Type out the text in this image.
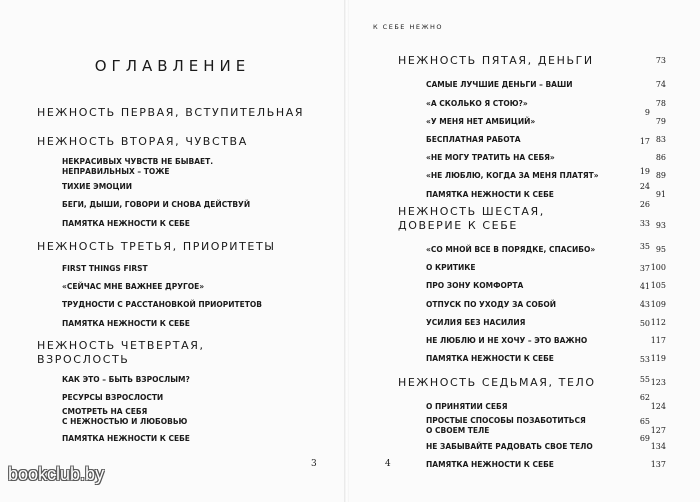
ОГЛАВЛЕНИЕ
3
К СЕБЕ НЕЖНО
4
НЕЖНОСТЬ ПЕРВАЯ, ВСТУПИТЕЛЬНАЯ	9
НЕЖНОСТЬ ВТОРАЯ, ЧУВСТВА	17
НЕКРАСИВЫХ ЧУВСТВ НЕ БЫВАЕТ.
НЕПРАВИЛЬНЫХ – ТОЖЕ	19
ТИХИЕ ЭМОЦИИ	24
БЕГИ, ДЫШИ, ГОВОРИ И СНОВА ДЕЙСТВУЙ	26
ПАМЯТКА НЕЖНОСТИ К СЕБЕ	33
НЕЖНОСТЬ ТРЕТЬЯ, ПРИОРИТЕТЫ	35
FIRST THINGS FIRST	37
«СЕЙЧАС МНЕ ВАЖНЕЕ ДРУГОЕ»	41
ТРУДНОСТИ С РАССТАНОВКОЙ ПРИОРИТЕТОВ	43
ПАМЯТКА НЕЖНОСТИ К СЕБЕ	50
НЕЖНОСТЬ ЧЕТВЕРТАЯ,
ВЗРОСЛОСТЬ	53
КАК ЭТО – БЫТЬ ВЗРОСЛЫМ?	55
РЕСУРСЫ ВЗРОСЛОСТИ	62
СМОТРЕТЬ НА СЕБЯ
С НЕЖНОСТЬЮ И ЛЮБОВЬЮ	65
ПАМЯТКА НЕЖНОСТИ К СЕБЕ	69
НЕЖНОСТЬ ПЯТАЯ, ДЕНЬГИ	73
САМЫЕ ЛУЧШИЕ ДЕНЬГИ – ВАШИ	74
«А СКОЛЬКО Я СТОЮ?»	78
«У МЕНЯ НЕТ АМБИЦИЙ»	79
БЕСПЛАТНАЯ РАБОТА	83
«НЕ МОГУ ТРАТИТЬ НА СЕБЯ»	86
«НЕ ЛЮБЛЮ, КОГДА ЗА МЕНЯ ПЛАТЯТ»	89
ПАМЯТКА НЕЖНОСТИ К СЕБЕ	91
НЕЖНОСТЬ ШЕСТАЯ,
ДОВЕРИЕ К СЕБЕ	93
«СО МНОЙ ВСЕ В ПОРЯДКЕ, СПАСИБО»	95
О КРИТИКЕ	100
ПРО ЗОНУ КОМФОРТА	105
ОТПУСК ПО УХОДУ ЗА СОБОЙ	109
УСИЛИЯ БЕЗ НАСИЛИЯ	112
НЕ ЛЮБЛЮ И НЕ ХОЧУ – ЭТО ВАЖНО	117
ПАМЯТКА НЕЖНОСТИ К СЕБЕ	119
НЕЖНОСТЬ СЕДЬМАЯ, ТЕЛО	123
О ПРИНЯТИИ СЕБЯ	124
ПРОСТЫЕ СПОСОБЫ ПОЗАБОТИТЬСЯ
О СВОЕМ ТЕЛЕ	127
НЕ ЗАБЫВАЙТЕ РАДОВАТЬ СВОЕ ТЕЛО	134
ПАМЯТКА НЕЖНОСТИ К СЕБЕ	137
bookclub.by
